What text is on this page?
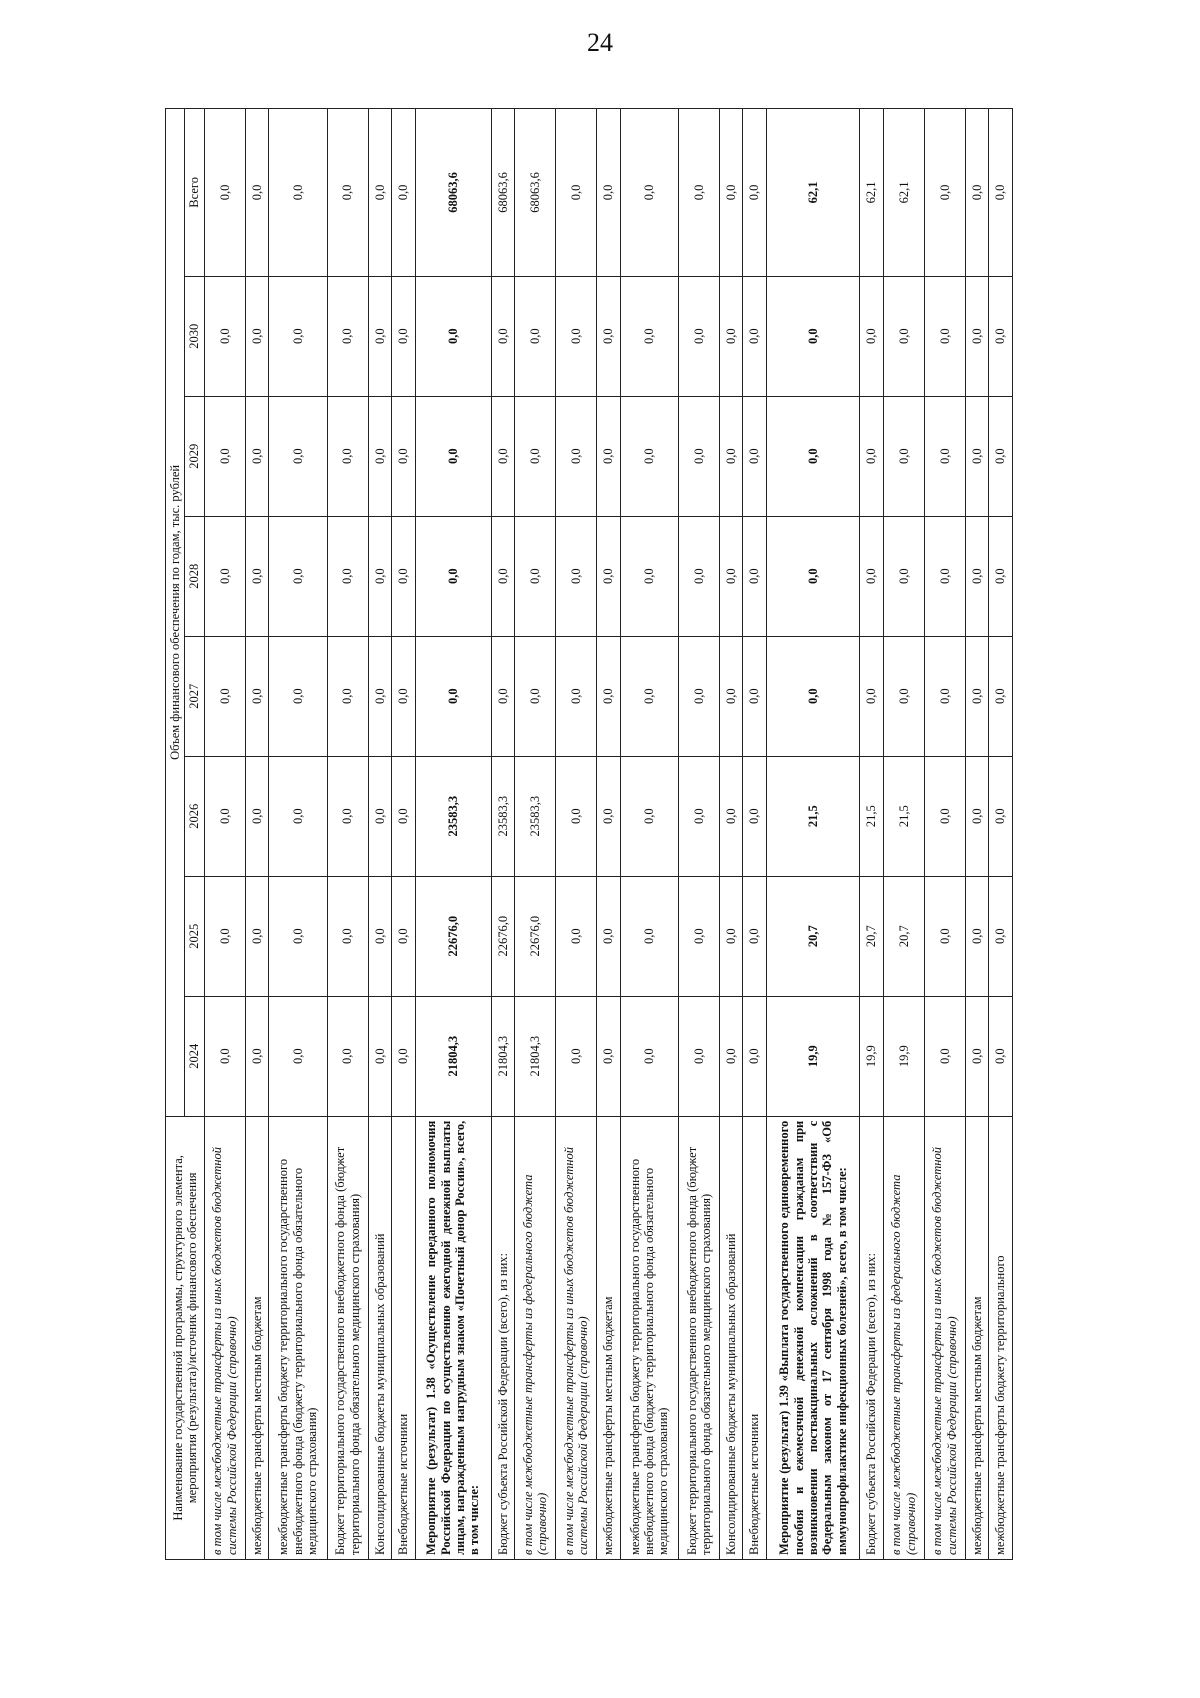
24
Наименование государственной программы, структурного элемента, мероприятия (результата)/источник финансового обеспечения	Объем финансового обеспечения по годам, тыс. рублей							
	2024	2025	2026	2027	2028	2029	2030	Всего
в том числе межбюджетные трансферты из иных бюджетов бюджетной системы Российской Федерации (справочно)	0,0	0,0	0,0	0,0	0,0	0,0	0,0	0,0
межбюджетные трансферты местным бюджетам	0,0	0,0	0,0	0,0	0,0	0,0	0,0	0,0
межбюджетные трансферты бюджету территориального государственного внебюджетного фонда (бюджету территориального фонда обязательного медицинского страхования)	0,0	0,0	0,0	0,0	0,0	0,0	0,0	0,0
Бюджет территориального государственного внебюджетного фонда (бюджет территориального фонда обязательного медицинского страхования)	0,0	0,0	0,0	0,0	0,0	0,0	0,0	0,0
Консолидированные бюджеты муниципальных образований	0,0	0,0	0,0	0,0	0,0	0,0	0,0	0,0
Внебюджетные источники	0,0	0,0	0,0	0,0	0,0	0,0	0,0	0,0
Мероприятие (результат) 1.38 «Осуществление переданного полномочия Российской Федерации по осуществлению ежегодной денежной выплаты лицам, награжденным нагрудным знаком «Почетный донор России», всего, в том числе:	21804,3	22676,0	23583,3	0,0	0,0	0,0	0,0	68063,6
Бюджет субъекта Российской Федерации (всего), из них:	21804,3	22676,0	23583,3	0,0	0,0	0,0	0,0	68063,6
в том числе межбюджетные трансферты из федерального бюджета (справочно)	21804,3	22676,0	23583,3	0,0	0,0	0,0	0,0	68063,6
в том числе межбюджетные трансферты из иных бюджетов бюджетной системы Российской Федерации (справочно)	0,0	0,0	0,0	0,0	0,0	0,0	0,0	0,0
межбюджетные трансферты местным бюджетам	0,0	0,0	0,0	0,0	0,0	0,0	0,0	0,0
межбюджетные трансферты бюджету территориального государственного внебюджетного фонда (бюджету территориального фонда обязательного медицинского страхования)	0,0	0,0	0,0	0,0	0,0	0,0	0,0	0,0
Бюджет территориального государственного внебюджетного фонда (бюджет территориального фонда обязательного медицинского страхования)	0,0	0,0	0,0	0,0	0,0	0,0	0,0	0,0
Консолидированные бюджеты муниципальных образований	0,0	0,0	0,0	0,0	0,0	0,0	0,0	0,0
Внебюджетные источники	0,0	0,0	0,0	0,0	0,0	0,0	0,0	0,0
Мероприятие (результат) 1.39 «Выплата государственного единовременного пособия и ежемесячной денежной компенсации гражданам при возникновении поствакцинальных осложнений в соответствии с Федеральным законом от 17 сентября 1998 года № 157-ФЗ «Об иммунопрофилактике инфекционных болезней», всего, в том числе:	19,9	20,7	21,5	0,0	0,0	0,0	0,0	62,1
Бюджет субъекта Российской Федерации (всего), из них:	19,9	20,7	21,5	0,0	0,0	0,0	0,0	62,1
в том числе межбюджетные трансферты из федерального бюджета (справочно)	19,9	20,7	21,5	0,0	0,0	0,0	0,0	62,1
в том числе межбюджетные трансферты из иных бюджетов бюджетной системы Российской Федерации (справочно)	0,0	0,0	0,0	0,0	0,0	0,0	0,0	0,0
межбюджетные трансферты местным бюджетам	0,0	0,0	0,0	0,0	0,0	0,0	0,0	0,0
межбюджетные трансферты бюджету территориального	0,0	0,0	0,0	0,0	0,0	0,0	0,0	0,0
